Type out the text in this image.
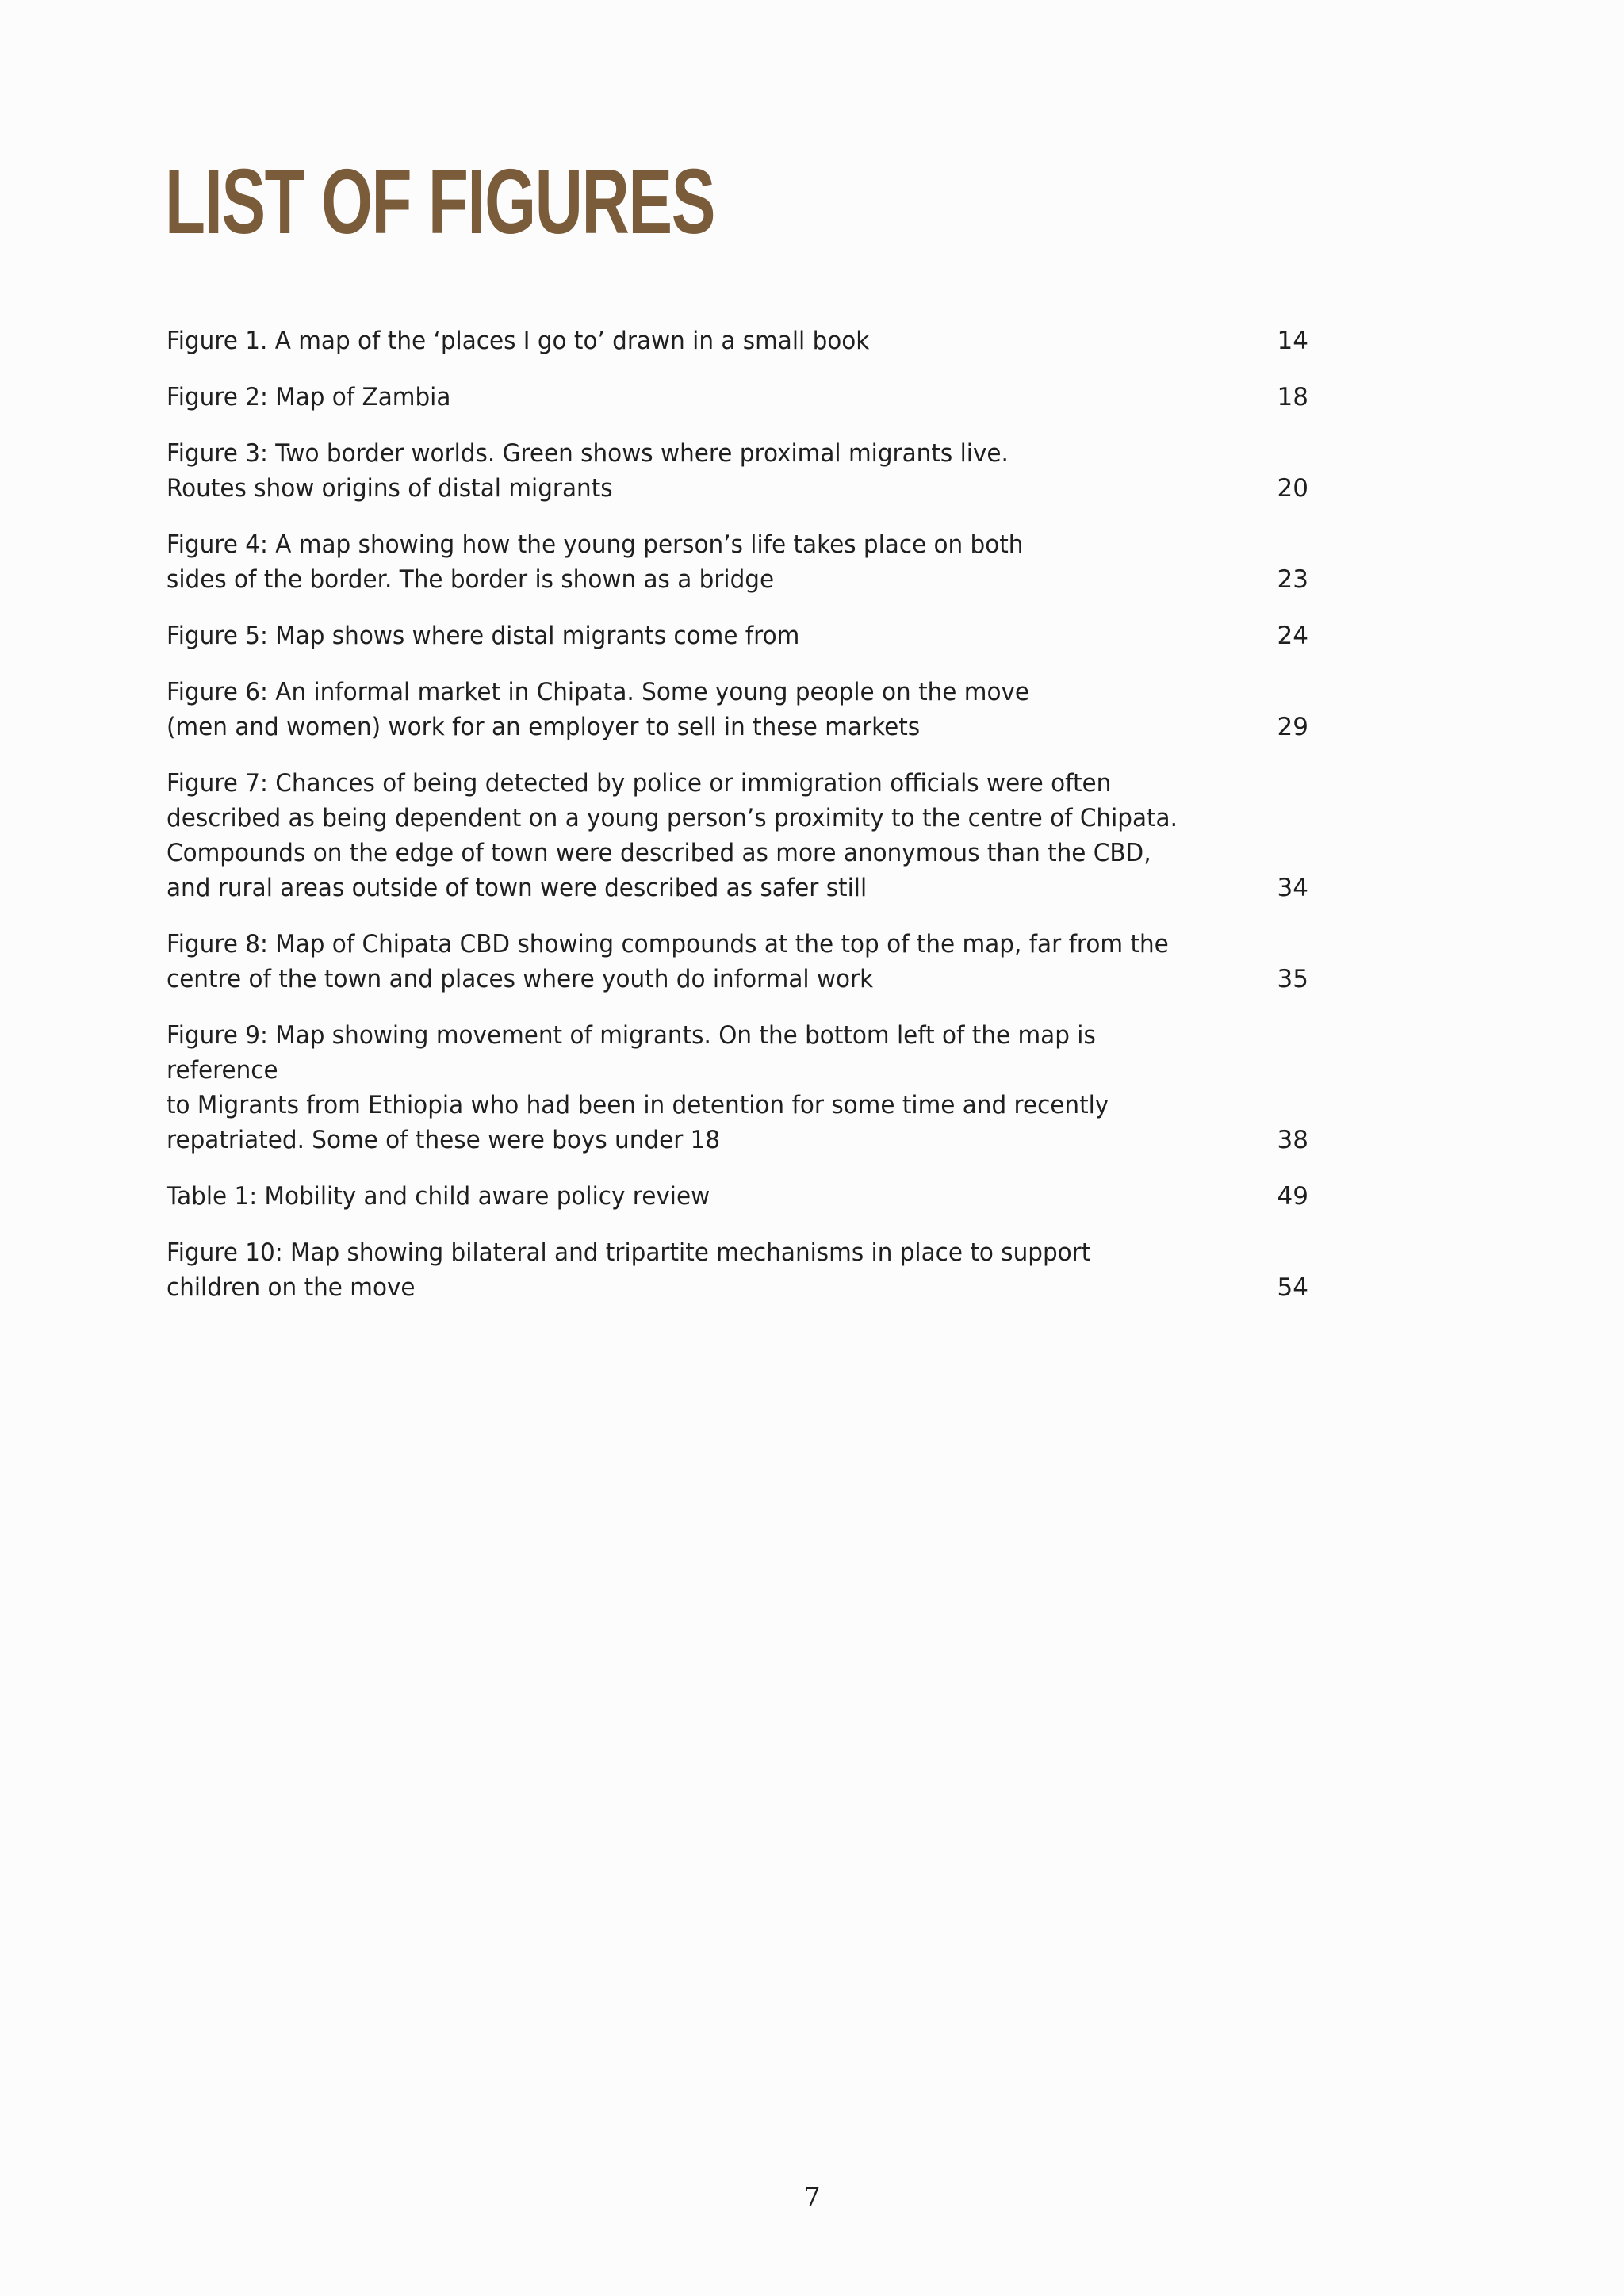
LIST OF FIGURES
Figure 1. A map of the ‘places I go to’ drawn in a small book	14
Figure 2: Map of Zambia	18
Figure 3: Two border worlds. Green shows where proximal migrants live.
Routes show origins of distal migrants	20
Figure 4: A map showing how the young person’s life takes place on both
sides of the border. The border is shown as a bridge	23
Figure 5: Map shows where distal migrants come from	24
Figure 6: An informal market in Chipata. Some young people on the move
(men and women) work for an employer to sell in these markets	29
Figure 7: Chances of being detected by police or immigration officials were often
described as being dependent on a young person’s proximity to the centre of Chipata.
Compounds on the edge of town were described as more anonymous than the CBD,
and rural areas outside of town were described as safer still	34
Figure 8: Map of Chipata CBD showing compounds at the top of the map, far from the
centre of the town and places where youth do informal work	35
Figure 9: Map showing movement of migrants. On the bottom left of the map is reference
to Migrants from Ethiopia who had been in detention for some time and recently
repatriated. Some of these were boys under 18	38
Table 1: Mobility and child aware policy review	49
Figure 10: Map showing bilateral and tripartite mechanisms in place to support
children on the move	54
7
